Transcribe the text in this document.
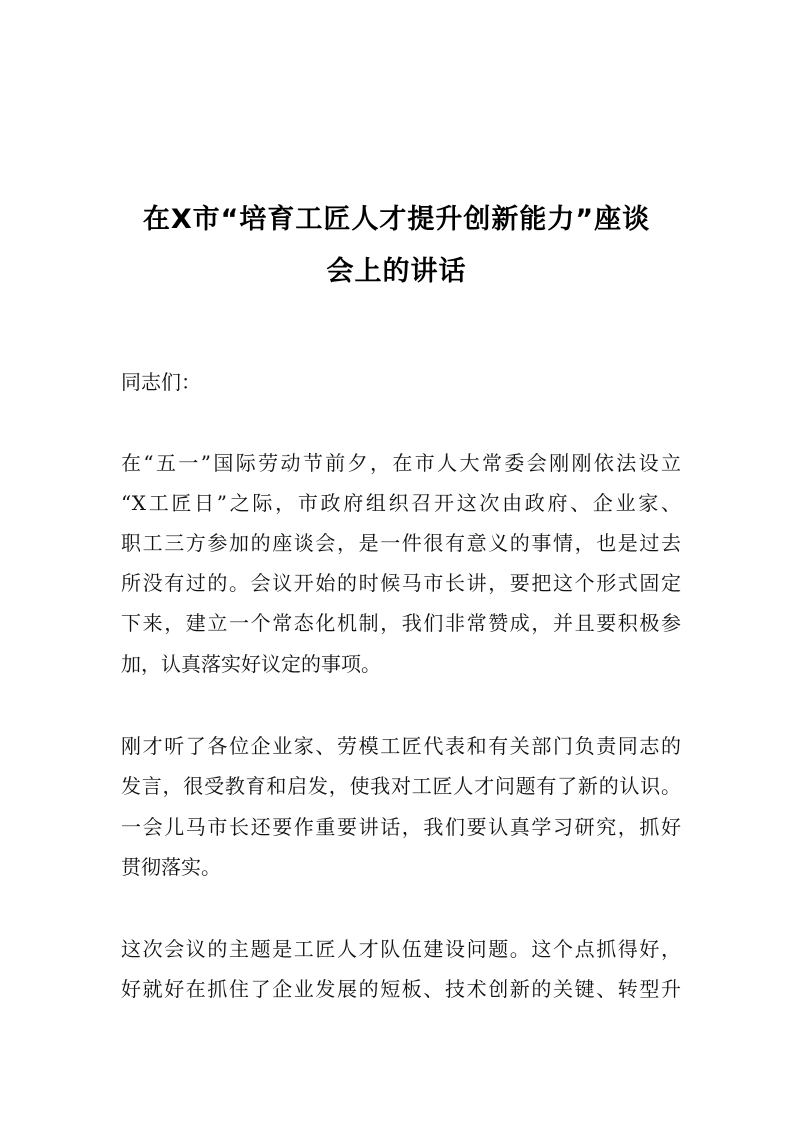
在X市“培育工匠人才提升创新能力”座谈
会上的讲话
同志们：
在“五一”国际劳动节前夕，在市人大常委会刚刚依法设立
“X工匠日”之际，市政府组织召开这次由政府、企业家、
职工三方参加的座谈会，是一件很有意义的事情，也是过去
所没有过的。会议开始的时候马市长讲，要把这个形式固定
下来，建立一个常态化机制，我们非常赞成，并且要积极参
加，认真落实好议定的事项。
刚才听了各位企业家、劳模工匠代表和有关部门负责同志的
发言，很受教育和启发，使我对工匠人才问题有了新的认识。
一会儿马市长还要作重要讲话，我们要认真学习研究，抓好
贯彻落实。
这次会议的主题是工匠人才队伍建设问题。这个点抓得好，
好就好在抓住了企业发展的短板、技术创新的关键、转型升
